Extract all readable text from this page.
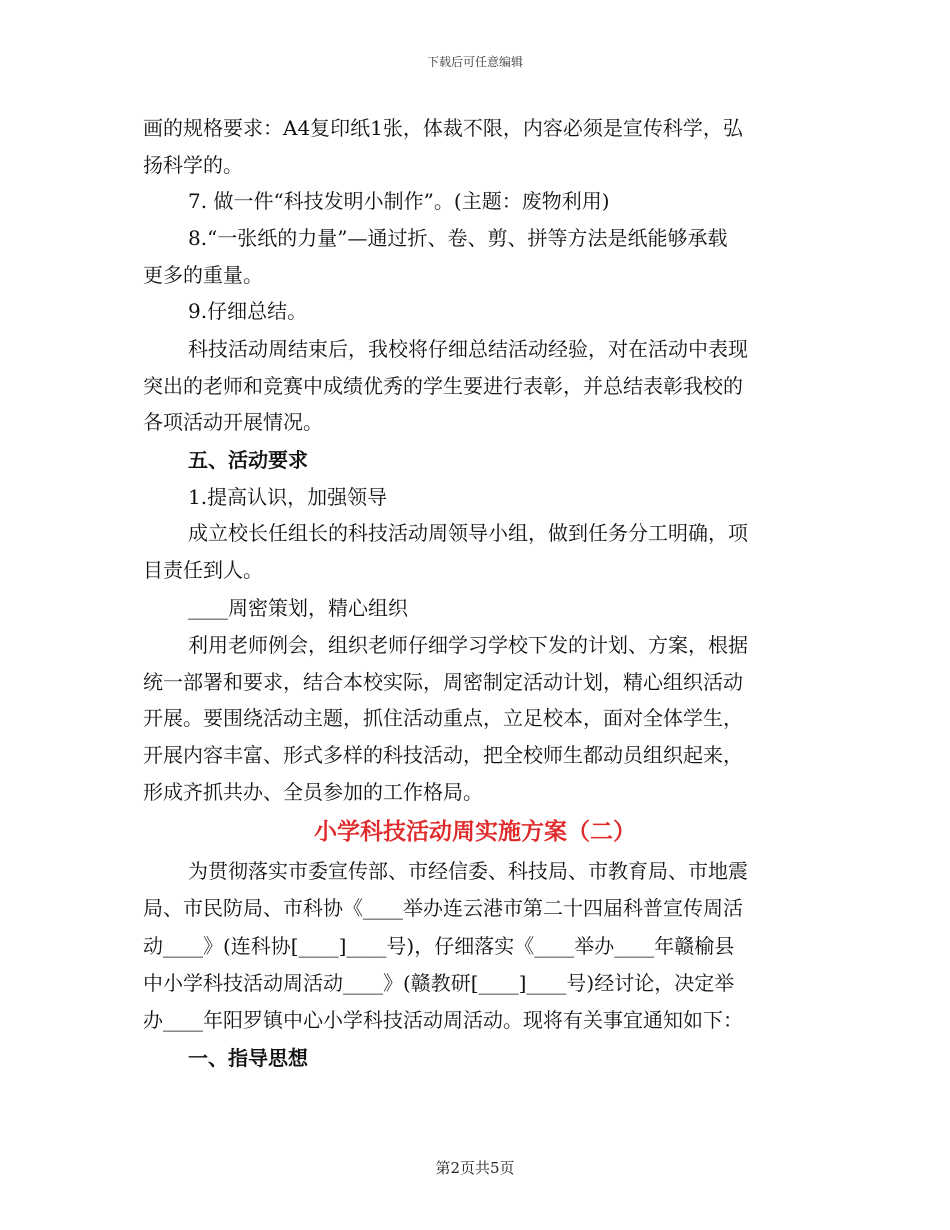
下载后可任意编辑
画的规格要求：A4复印纸1张，体裁不限，内容必须是宣传科学，弘
扬科学的。
7. 做一件“科技发明小制作”。(主题：废物利用)
8.“一张纸的力量”—通过折、卷、剪、拼等方法是纸能够承载
更多的重量。
9.仔细总结。
科技活动周结束后，我校将仔细总结活动经验，对在活动中表现
突出的老师和竞赛中成绩优秀的学生要进行表彰，并总结表彰我校的
各项活动开展情况。
五、活动要求
1.提高认识，加强领导
成立校长任组长的科技活动周领导小组，做到任务分工明确，项
目责任到人。
____周密策划，精心组织
利用老师例会，组织老师仔细学习学校下发的计划、方案，根据
统一部署和要求，结合本校实际，周密制定活动计划，精心组织活动
开展。要围绕活动主题，抓住活动重点，立足校本，面对全体学生，
开展内容丰富、形式多样的科技活动，把全校师生都动员组织起来，
形成齐抓共办、全员参加的工作格局。
小学科技活动周实施方案（二）
为贯彻落实市委宣传部、市经信委、科技局、市教育局、市地震
局、市民防局、市科协《____举办连云港市第二十四届科普宣传周活
动____》(连科协[____]____号)，仔细落实《____举办____年赣榆县
中小学科技活动周活动____》(赣教研[____]____号)经讨论，决定举
办____年阳罗镇中心小学科技活动周活动。现将有关事宜通知如下：
一、指导思想
第2页共5页
